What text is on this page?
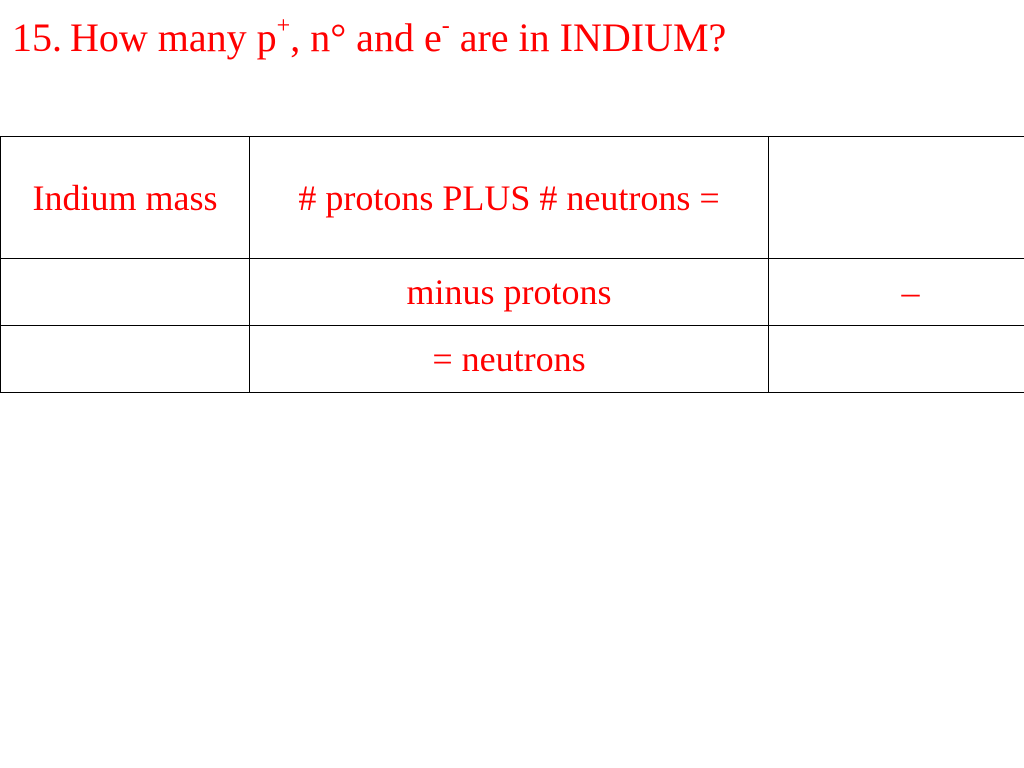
15. How many p+, n° and e- are in INDIUM?
Indium mass	# protons PLUS # neutrons =	
	minus protons	–
	= neutrons	
